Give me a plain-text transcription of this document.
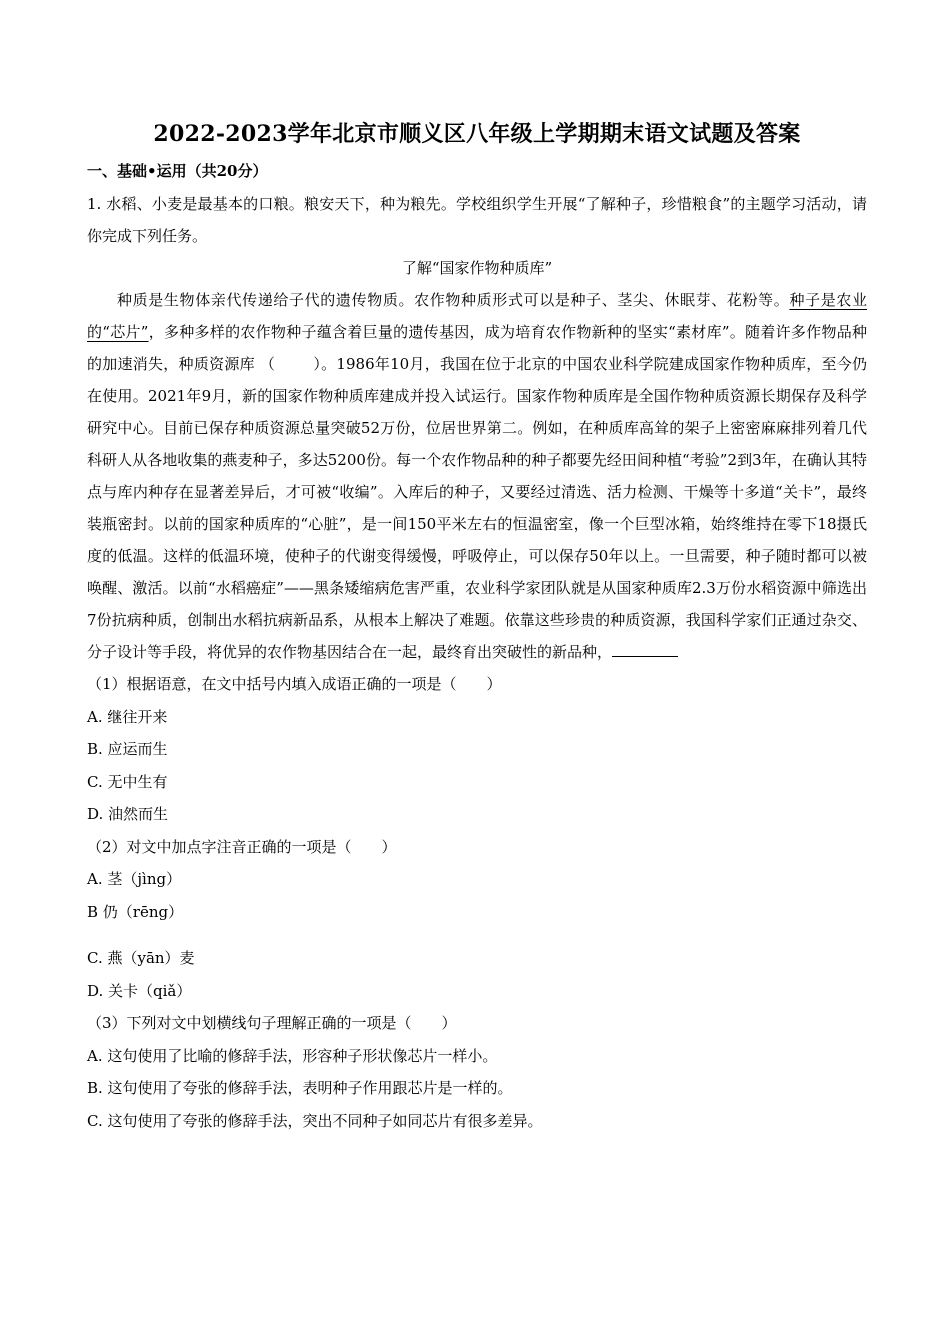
2022-2023学年北京市顺义区八年级上学期期末语文试题及答案
一、基础•运用（共20分）

1. 水稻、小麦是最基本的口粮。粮安天下，种为粮先。学校组织学生开展“了解种子，珍惜粮食”的主题学习活动，请你完成下列任务。

了解“国家作物种质库”

种质是生物体亲代传递给子代的遗传物质。农作物种质形式可以是种子、茎尖、休眠芽、花粉等。种子是农业的“芯片”，多种多样的农作物种子蕴含着巨量的遗传基因，成为培育农作物新种的坚实“素材库”。随着许多作物品种的加速消失，种质资源库 （	）。1986年10月，我国在位于北京的中国农业科学院建成国家作物种质库，至今仍在使用。2021年9月，新的国家作物种质库建成并投入试运行。国家作物种质库是全国作物种质资源长期保存及科学研究中心。目前已保存种质资源总量突破52万份，位居世界第二。例如，在种质库高耸的架子上密密麻麻排列着几代科研人从各地收集的燕麦种子，多达5200份。每一个农作物品种的种子都要先经田间种植“考验”2到3年，在确认其特点与库内种存在显著差异后，才可被“收编”。入库后的种子，又要经过清选、活力检测、干燥等十多道“关卡”，最终装瓶密封。以前的国家种质库的“心脏”，是一间150平米左右的恒温密室，像一个巨型冰箱，始终维持在零下18摄氏度的低温。这样的低温环境，使种子的代谢变得缓慢，呼吸停止，可以保存50年以上。一旦需要，种子随时都可以被唤醒、激活。以前“水稻癌症”——黑条矮缩病危害严重，农业科学家团队就是从国家种质库2.3万份水稻资源中筛选出7份抗病种质，创制出水稻抗病新品系，从根本上解决了难题。依靠这些珍贵的种质资源，我国科学家们正通过杂交、分子设计等手段，将优异的农作物基因结合在一起，最终育出突破性的新品种，

（1）根据语意，在文中括号内填入成语正确的一项是（　　）

A. 继往开来

B. 应运而生

C. 无中生有

D. 油然而生

（2）对文中加点字注音正确的一项是（　　）

A. 茎（jìng）

B 仍（rēng）

C. 燕（yān）麦

D. 关卡（qiǎ）

（3）下列对文中划横线句子理解正确的一项是（　　）

A. 这句使用了比喻的修辞手法，形容种子形状像芯片一样小。

B. 这句使用了夸张的修辞手法，表明种子作用跟芯片是一样的。

C. 这句使用了夸张的修辞手法，突出不同种子如同芯片有很多差异。
